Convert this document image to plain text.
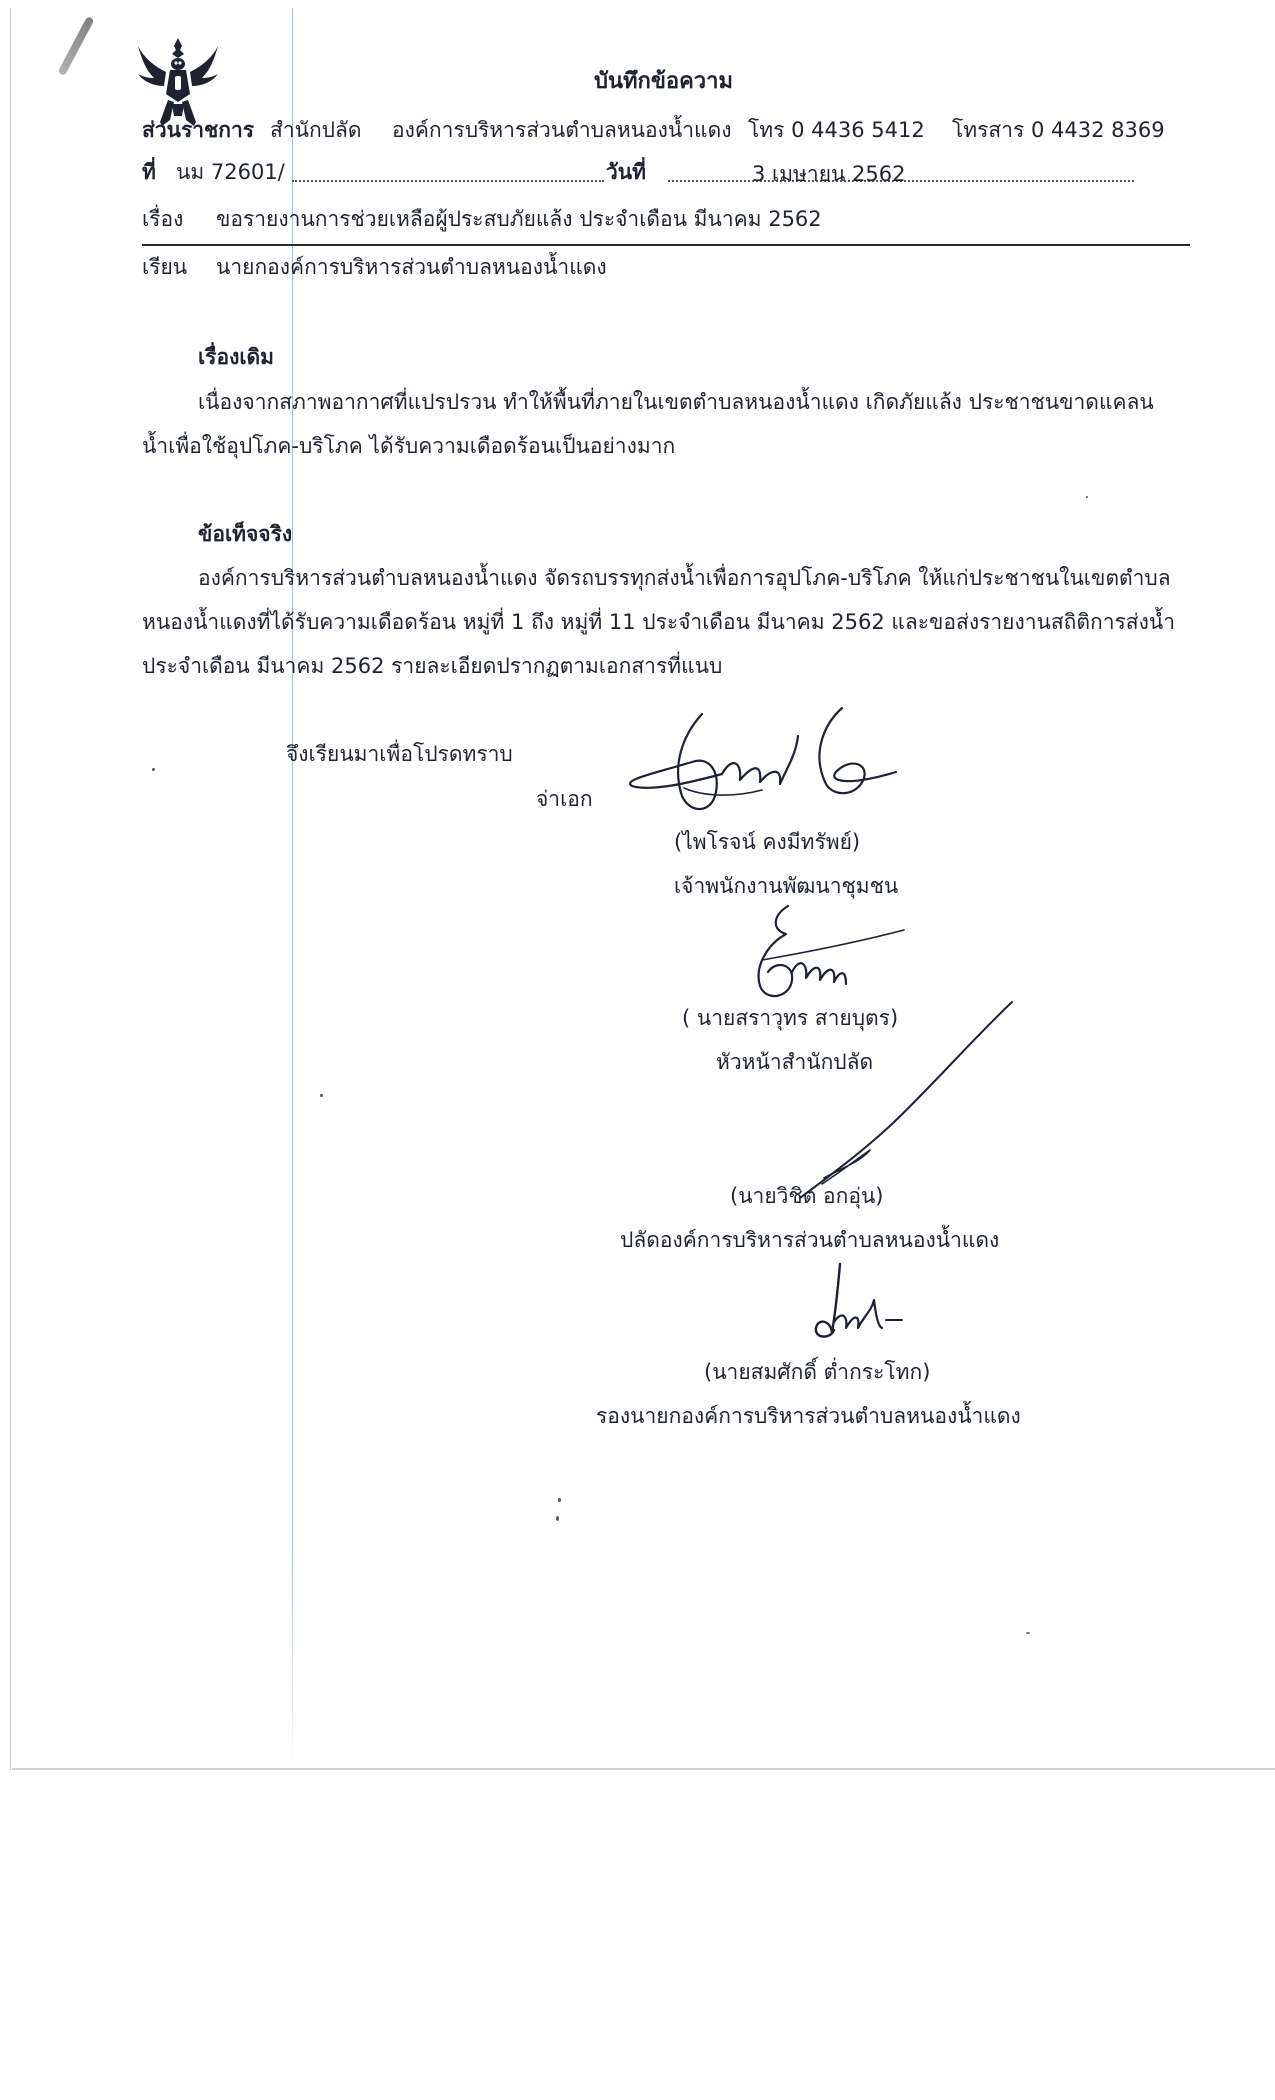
บันทึกข้อความ
ส่วนราชการ สำนักปลัด องค์การบริหารส่วนตำบลหนองน้ำแดง โทร 0 4436 5412 โทรสาร 0 4432 8369
ที่ นม 72601/	วันที่	3 เมษายน 2562
เรื่อง ขอรายงานการช่วยเหลือผู้ประสบภัยแล้ง ประจำเดือน มีนาคม 2562
เรียน นายกองค์การบริหารส่วนตำบลหนองน้ำแดง
เรื่องเดิม
เนื่องจากสภาพอากาศที่แปรปรวน ทำให้พื้นที่ภายในเขตตำบลหนองน้ำแดง เกิดภัยแล้ง ประชาชนขาดแคลน
น้ำเพื่อใช้อุปโภค-บริโภค ได้รับความเดือดร้อนเป็นอย่างมาก
ข้อเท็จจริง
องค์การบริหารส่วนตำบลหนองน้ำแดง จัดรถบรรทุกส่งน้ำเพื่อการอุปโภค-บริโภค ให้แก่ประชาชนในเขตตำบล
หนองน้ำแดงที่ได้รับความเดือดร้อน หมู่ที่ 1 ถึง หมู่ที่ 11 ประจำเดือน มีนาคม 2562 และขอส่งรายงานสถิติการส่งน้ำ
ประจำเดือน มีนาคม 2562 รายละเอียดปรากฏตามเอกสารที่แนบ
จึงเรียนมาเพื่อโปรดทราบ
จ่าเอก
(ไพโรจน์ คงมีทรัพย์)
เจ้าพนักงานพัฒนาชุมชน
( นายสราวุทร สายบุตร)
หัวหน้าสำนักปลัด
(นายวิชิต อกอุ่น)
ปลัดองค์การบริหารส่วนตำบลหนองน้ำแดง
(นายสมศักดิ์ ต่ำกระโทก)
รองนายกองค์การบริหารส่วนตำบลหนองน้ำแดง
